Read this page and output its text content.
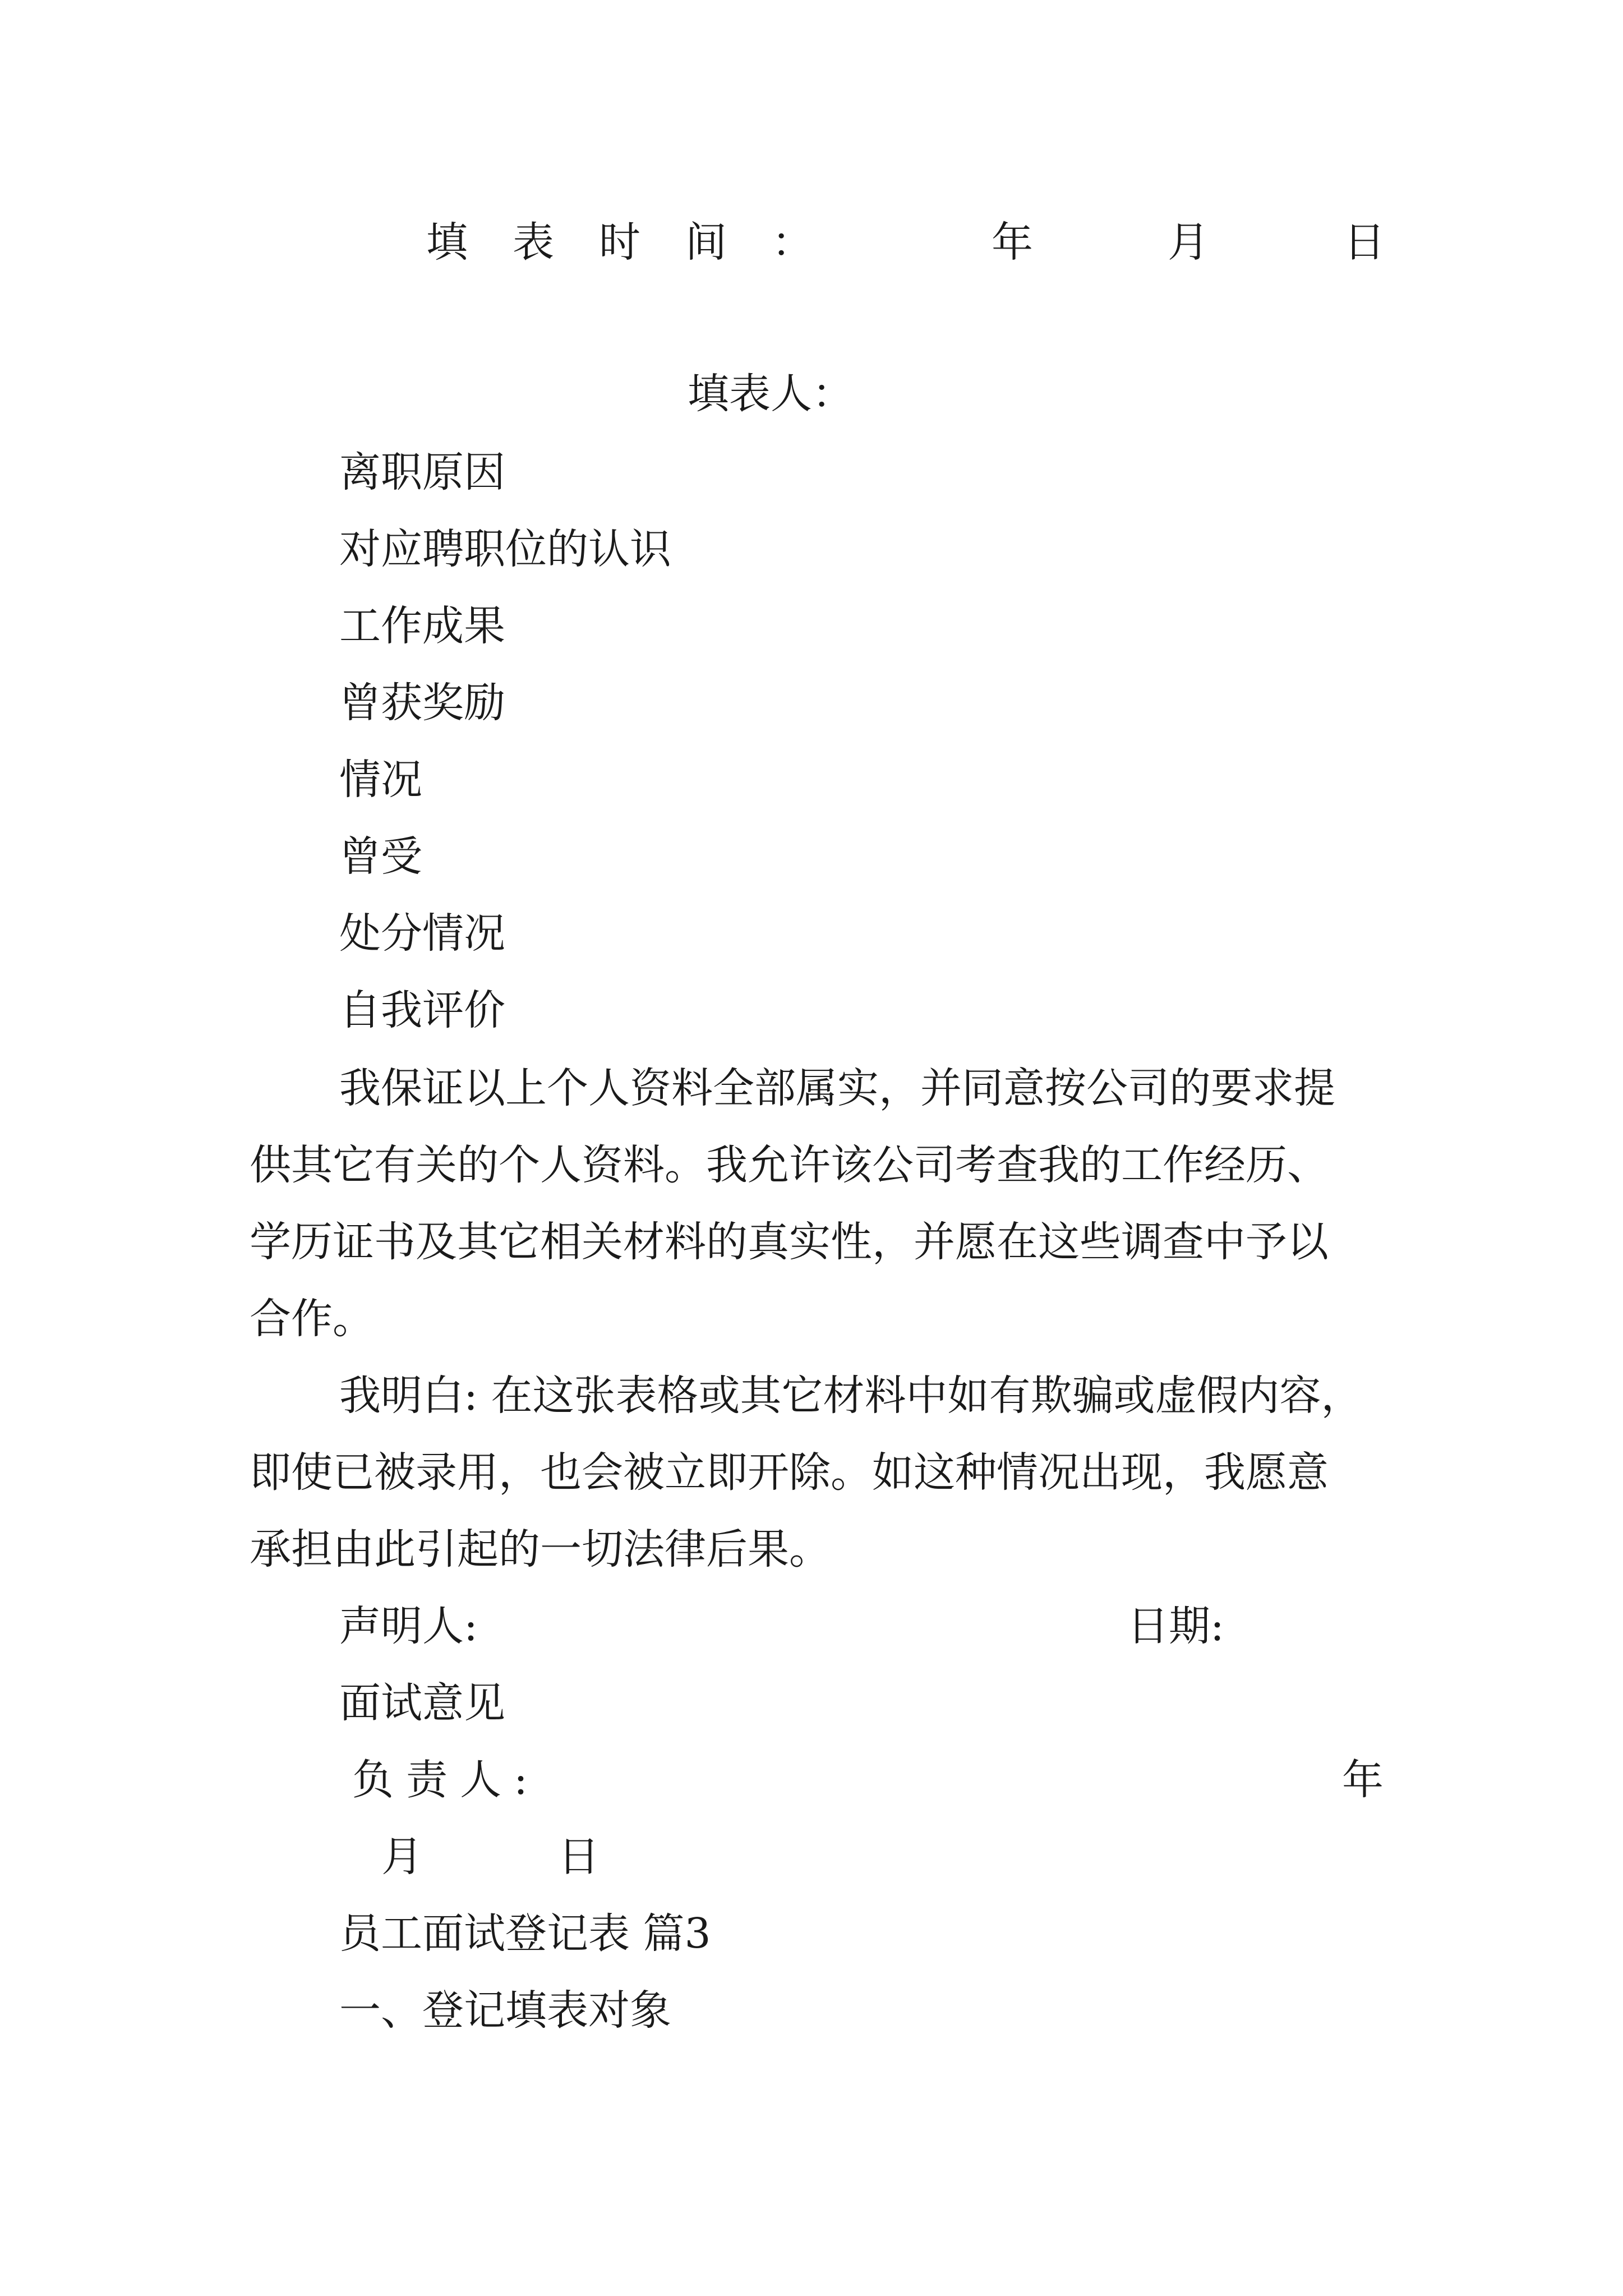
填表时间：	年	月	日
填表人：
离职原因
对应聘职位的认识
工作成果
曾获奖励
情况
曾受
处分情况
自我评价
我保证以上个人资料全部属实，并同意按公司的要求提
供其它有关的个人资料。我允许该公司考查我的工作经历、
学历证书及其它相关材料的真实性，并愿在这些调查中予以
合作。
我明白: 在这张表格或其它材料中如有欺骗或虚假内容，
即使已被录用，也会被立即开除。如这种情况出现，我愿意
承担由此引起的一切法律后果。
声明人:	日期:
面试意见
负责人:	年
月	日
员工面试登记表 篇3
一、登记填表对象
